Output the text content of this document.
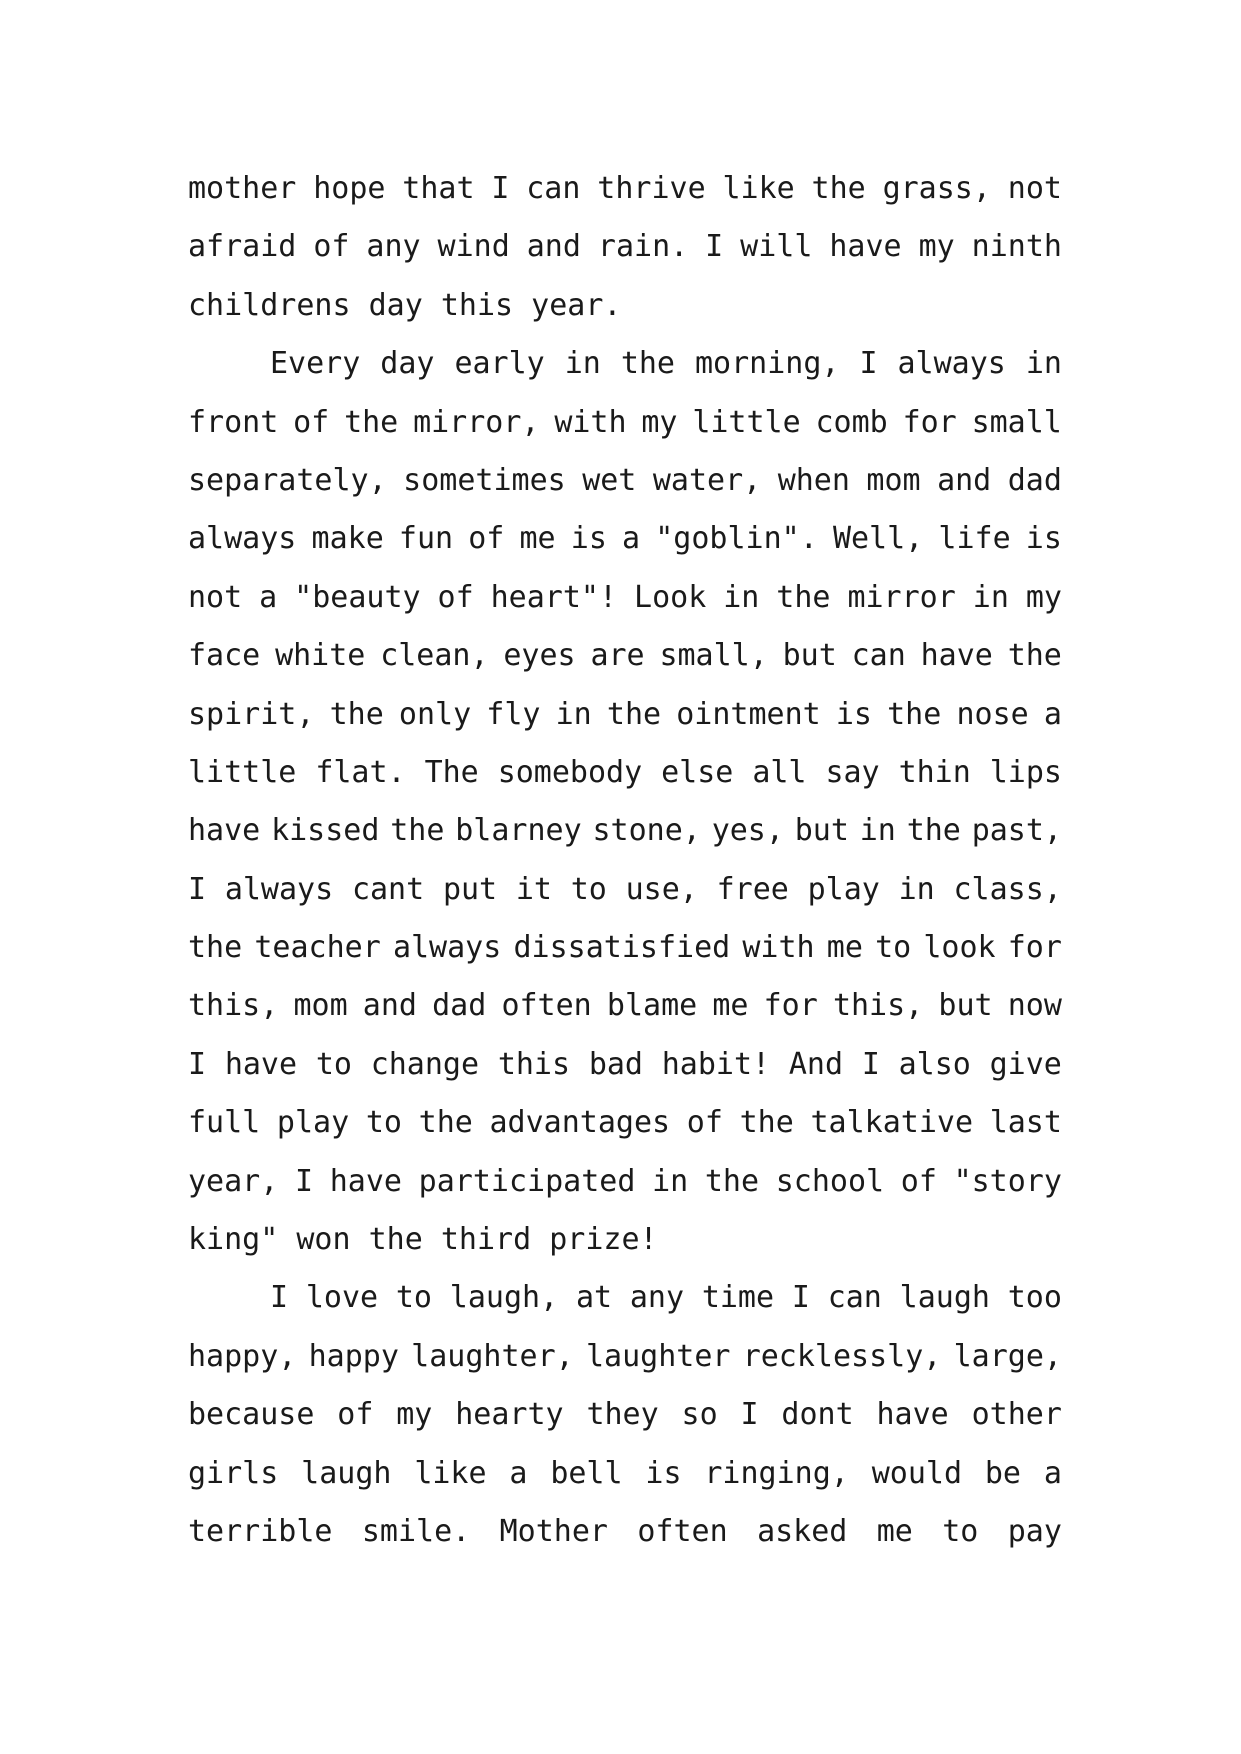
mother hope that I can thrive like the grass, not
afraid of any wind and rain. I will have my ninth
childrens day this year.
Every day early in the morning, I always in
front of the mirror, with my little comb for small
separately, sometimes wet water, when mom and dad
always make fun of me is a "goblin". Well, life is
not a "beauty of heart"! Look in the mirror in my
face white clean, eyes are small, but can have the
spirit, the only fly in the ointment is the nose a
little flat. The somebody else all say thin lips
have kissed the blarney stone, yes, but in the past,
I always cant put it to use, free play in class,
the teacher always dissatisfied with me to look for
this, mom and dad often blame me for this, but now
I have to change this bad habit! And I also give
full play to the advantages of the talkative last
year, I have participated in the school of "story
king" won the third prize!
I love to laugh, at any time I can laugh too
happy, happy laughter, laughter recklessly, large,
because of my hearty they so I dont have other
girls laugh like a bell is ringing, would be a
terrible smile. Mother often asked me to pay
